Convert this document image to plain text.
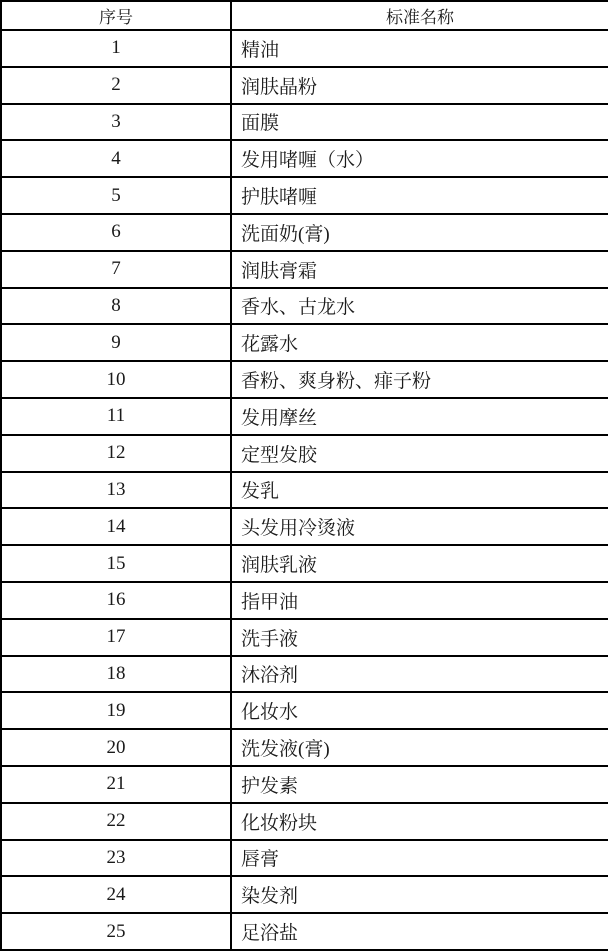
序号	标准名称
1	精油
2	润肤晶粉
3	面膜
4	发用啫喱（水）
5	护肤啫喱
6	洗面奶(膏)
7	润肤膏霜
8	香水、古龙水
9	花露水
10	香粉、爽身粉、痱子粉
11	发用摩丝
12	定型发胶
13	发乳
14	头发用冷烫液
15	润肤乳液
16	指甲油
17	洗手液
18	沐浴剂
19	化妆水
20	洗发液(膏)
21	护发素
22	化妆粉块
23	唇膏
24	染发剂
25	足浴盐
